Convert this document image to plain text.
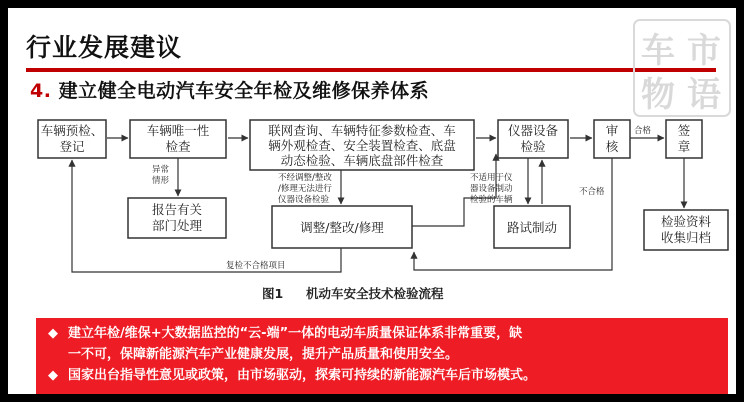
行业发展建议
4. 建立健全电动汽车安全年检及维修保养体系
车 市
物 语
车辆预检、
登记
车辆唯一性
检查
联网查询、车辆特征参数检查、车
辆外观检查、安全装置检查、底盘
动态检验、车辆底盘部件检查
仪器设备
检验
审
核
签
章
报告有关
部门处理	调整/整改/修理	路试制动	检验资料
收集归档
异常
情形	不经调整/整改
/修理无法进行
仪器设备检验
不适用于仪
器设备制动
检验的车辆
合格
不合格
复检不合格项目
图1 机动车安全技术检验流程
◆ 建立年检/维保+大数据监控的“云-端”一体的电动车质量保证体系非常重要，缺
一不可，保障新能源汽车产业健康发展，提升产品质量和使用安全。
◆ 国家出台指导性意见或政策，由市场驱动，探索可持续的新能源汽车后市场模式。
